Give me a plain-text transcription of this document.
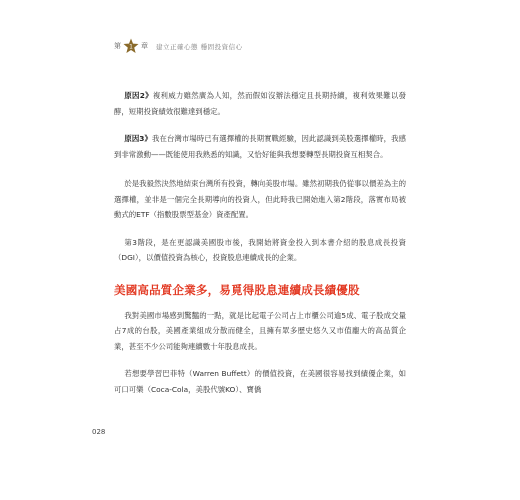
第 1 章 建立正確心態 穩固投資信心

原因2》複利威力雖然廣為人知，然而假如沒辦法穩定且長期持續，複利效果難以發酵，短期投資績效很難達到穩定。

原因3》我在台灣市場時已有選擇權的長期實戰經驗，因此認識到美股選擇權時，我感到非常激動——既能使用我熟悉的知識，又恰好能與我想要轉型長期投資互相契合。

於是我毅然決然地結束台灣所有投資，轉向美股市場。雖然初期我仍從事以價差為主的選擇權，並非是一個完全長期導向的投資人，但此時我已開始進入第2階段，落實布局被動式的ETF（指數股票型基金）資產配置。

第3階段，是在更認識美國股市後，我開始將資金投入到本書介紹的股息成長投資（DGI），以價值投資為核心，投資股息連續成長的企業。

美國高品質企業多，易覓得股息連續成長績優股

我對美國市場感到驚豔的一點，就是比起電子公司占上市櫃公司逾5成、電子股成交量占7成的台股，美國產業組成分散而健全，且擁有眾多歷史悠久又市值龐大的高品質企業，甚至不少公司能夠連續數十年股息成長。

若想要學習巴菲特（Warren Buffett）的價值投資，在美國很容易找到績優企業，如可口可樂（Coca-Cola，美股代號KO）、寶僑

028
